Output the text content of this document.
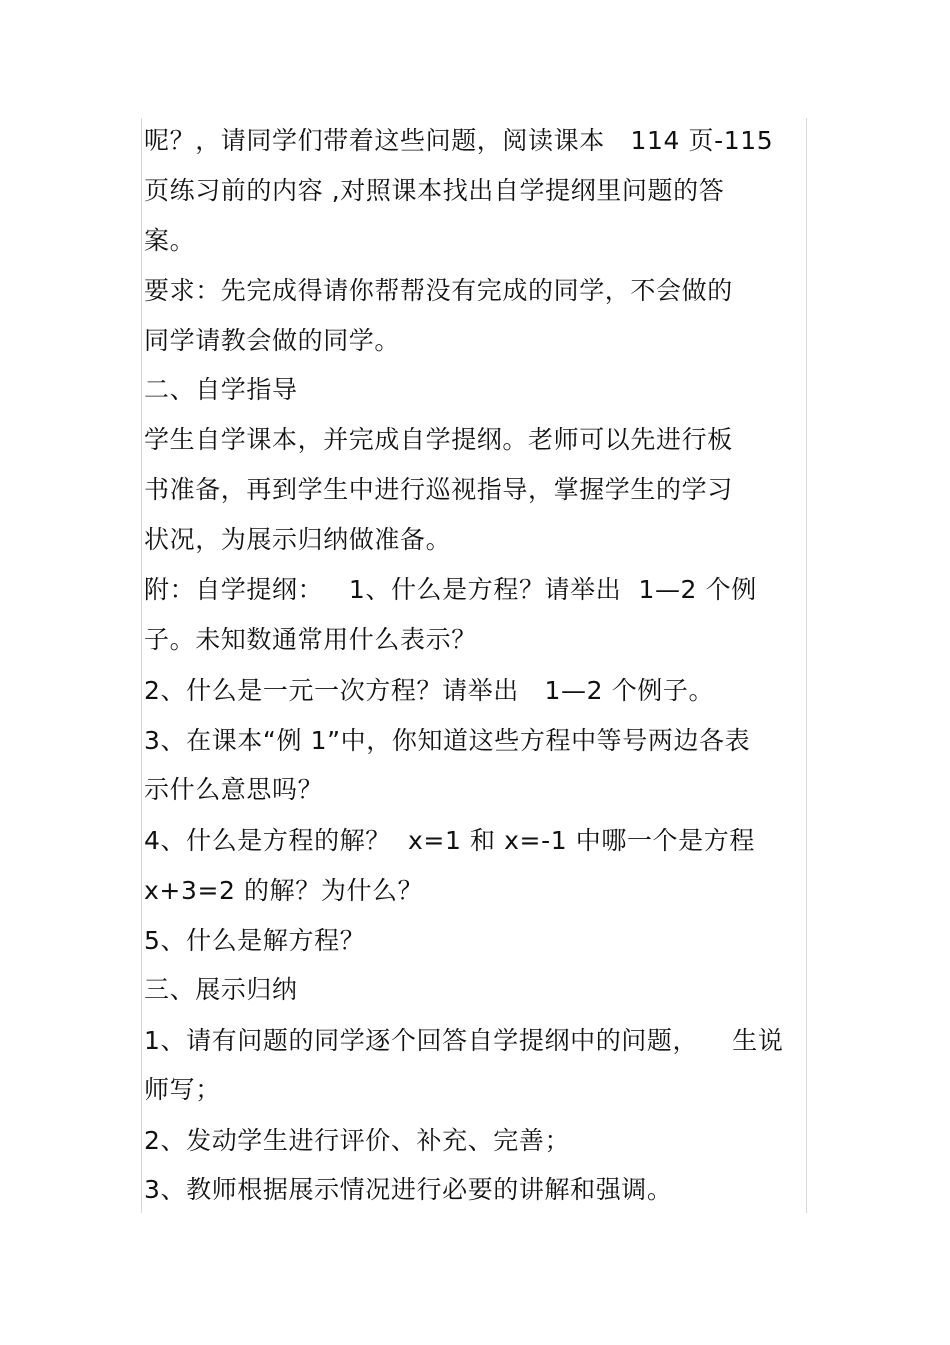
呢？，请同学们带着这些问题，阅读课本   114 页-115
页练习前的内容 ,对照课本找出自学提纲里问题的答
案。
要求：先完成得请你帮帮没有完成的同学，不会做的
同学请教会做的同学。
二、自学指导
学生自学课本，并完成自学提纲。老师可以先进行板
书准备，再到学生中进行巡视指导，掌握学生的学习
状况，为展示归纳做准备。
附：自学提纲：   1、什么是方程？请举出  1—2 个例
子。未知数通常用什么表示？
2、什么是一元一次方程？请举出   1—2 个例子。
3、在课本“例 1”中，你知道这些方程中等号两边各表
示什么意思吗？
4、什么是方程的解？  x=1 和 x=-1 中哪一个是方程
x+3=2 的解？为什么？
5、什么是解方程？
三、展示归纳
1、请有问题的同学逐个回答自学提纲中的问题，    生说
师写；
2、发动学生进行评价、补充、完善；
3、教师根据展示情况进行必要的讲解和强调。
